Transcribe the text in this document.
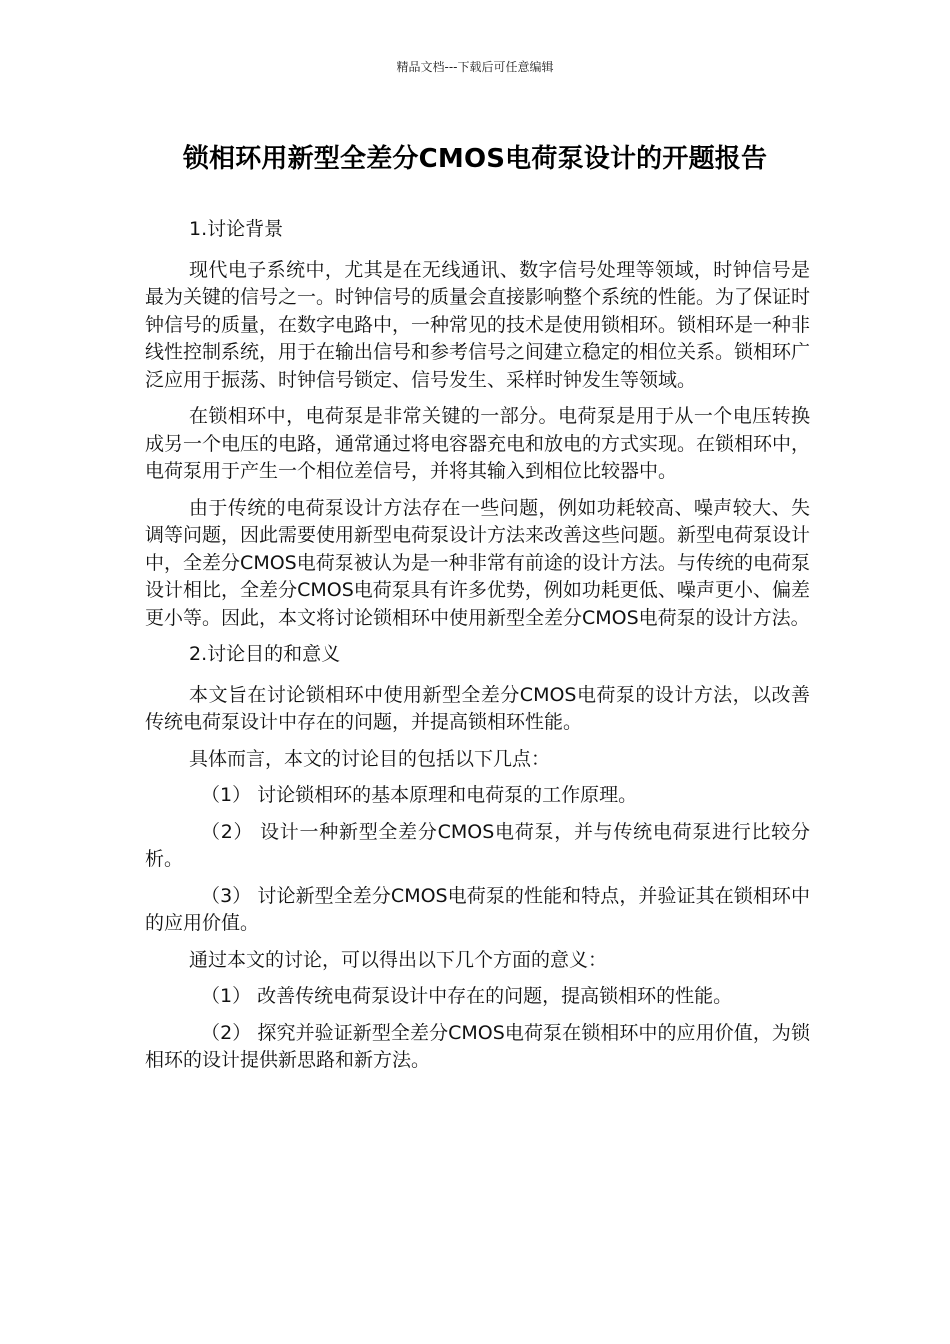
精品文档---下载后可任意编辑
锁相环用新型全差分CMOS电荷泵设计的开题报告
1.讨论背景

现代电子系统中，尤其是在无线通讯、数字信号处理等领域，时钟信号是最为关键的信号之一。时钟信号的质量会直接影响整个系统的性能。为了保证时钟信号的质量，在数字电路中，一种常见的技术是使用锁相环。锁相环是一种非线性控制系统，用于在输出信号和参考信号之间建立稳定的相位关系。锁相环广泛应用于振荡、时钟信号锁定、信号发生、采样时钟发生等领域。

在锁相环中，电荷泵是非常关键的一部分。电荷泵是用于从一个电压转换成另一个电压的电路，通常通过将电容器充电和放电的方式实现。在锁相环中，电荷泵用于产生一个相位差信号，并将其输入到相位比较器中。

由于传统的电荷泵设计方法存在一些问题，例如功耗较高、噪声较大、失调等问题，因此需要使用新型电荷泵设计方法来改善这些问题。新型电荷泵设计中，全差分CMOS电荷泵被认为是一种非常有前途的设计方法。与传统的电荷泵设计相比，全差分CMOS电荷泵具有许多优势，例如功耗更低、噪声更小、偏差更小等。因此，本文将讨论锁相环中使用新型全差分CMOS电荷泵的设计方法。

2.讨论目的和意义

本文旨在讨论锁相环中使用新型全差分CMOS电荷泵的设计方法，以改善传统电荷泵设计中存在的问题，并提高锁相环性能。

具体而言，本文的讨论目的包括以下几点：

（1） 讨论锁相环的基本原理和电荷泵的工作原理。

（2） 设计一种新型全差分CMOS电荷泵，并与传统电荷泵进行比较分析。

（3） 讨论新型全差分CMOS电荷泵的性能和特点，并验证其在锁相环中的应用价值。

通过本文的讨论，可以得出以下几个方面的意义：

（1） 改善传统电荷泵设计中存在的问题，提高锁相环的性能。

（2） 探究并验证新型全差分CMOS电荷泵在锁相环中的应用价值，为锁相环的设计提供新思路和新方法。
